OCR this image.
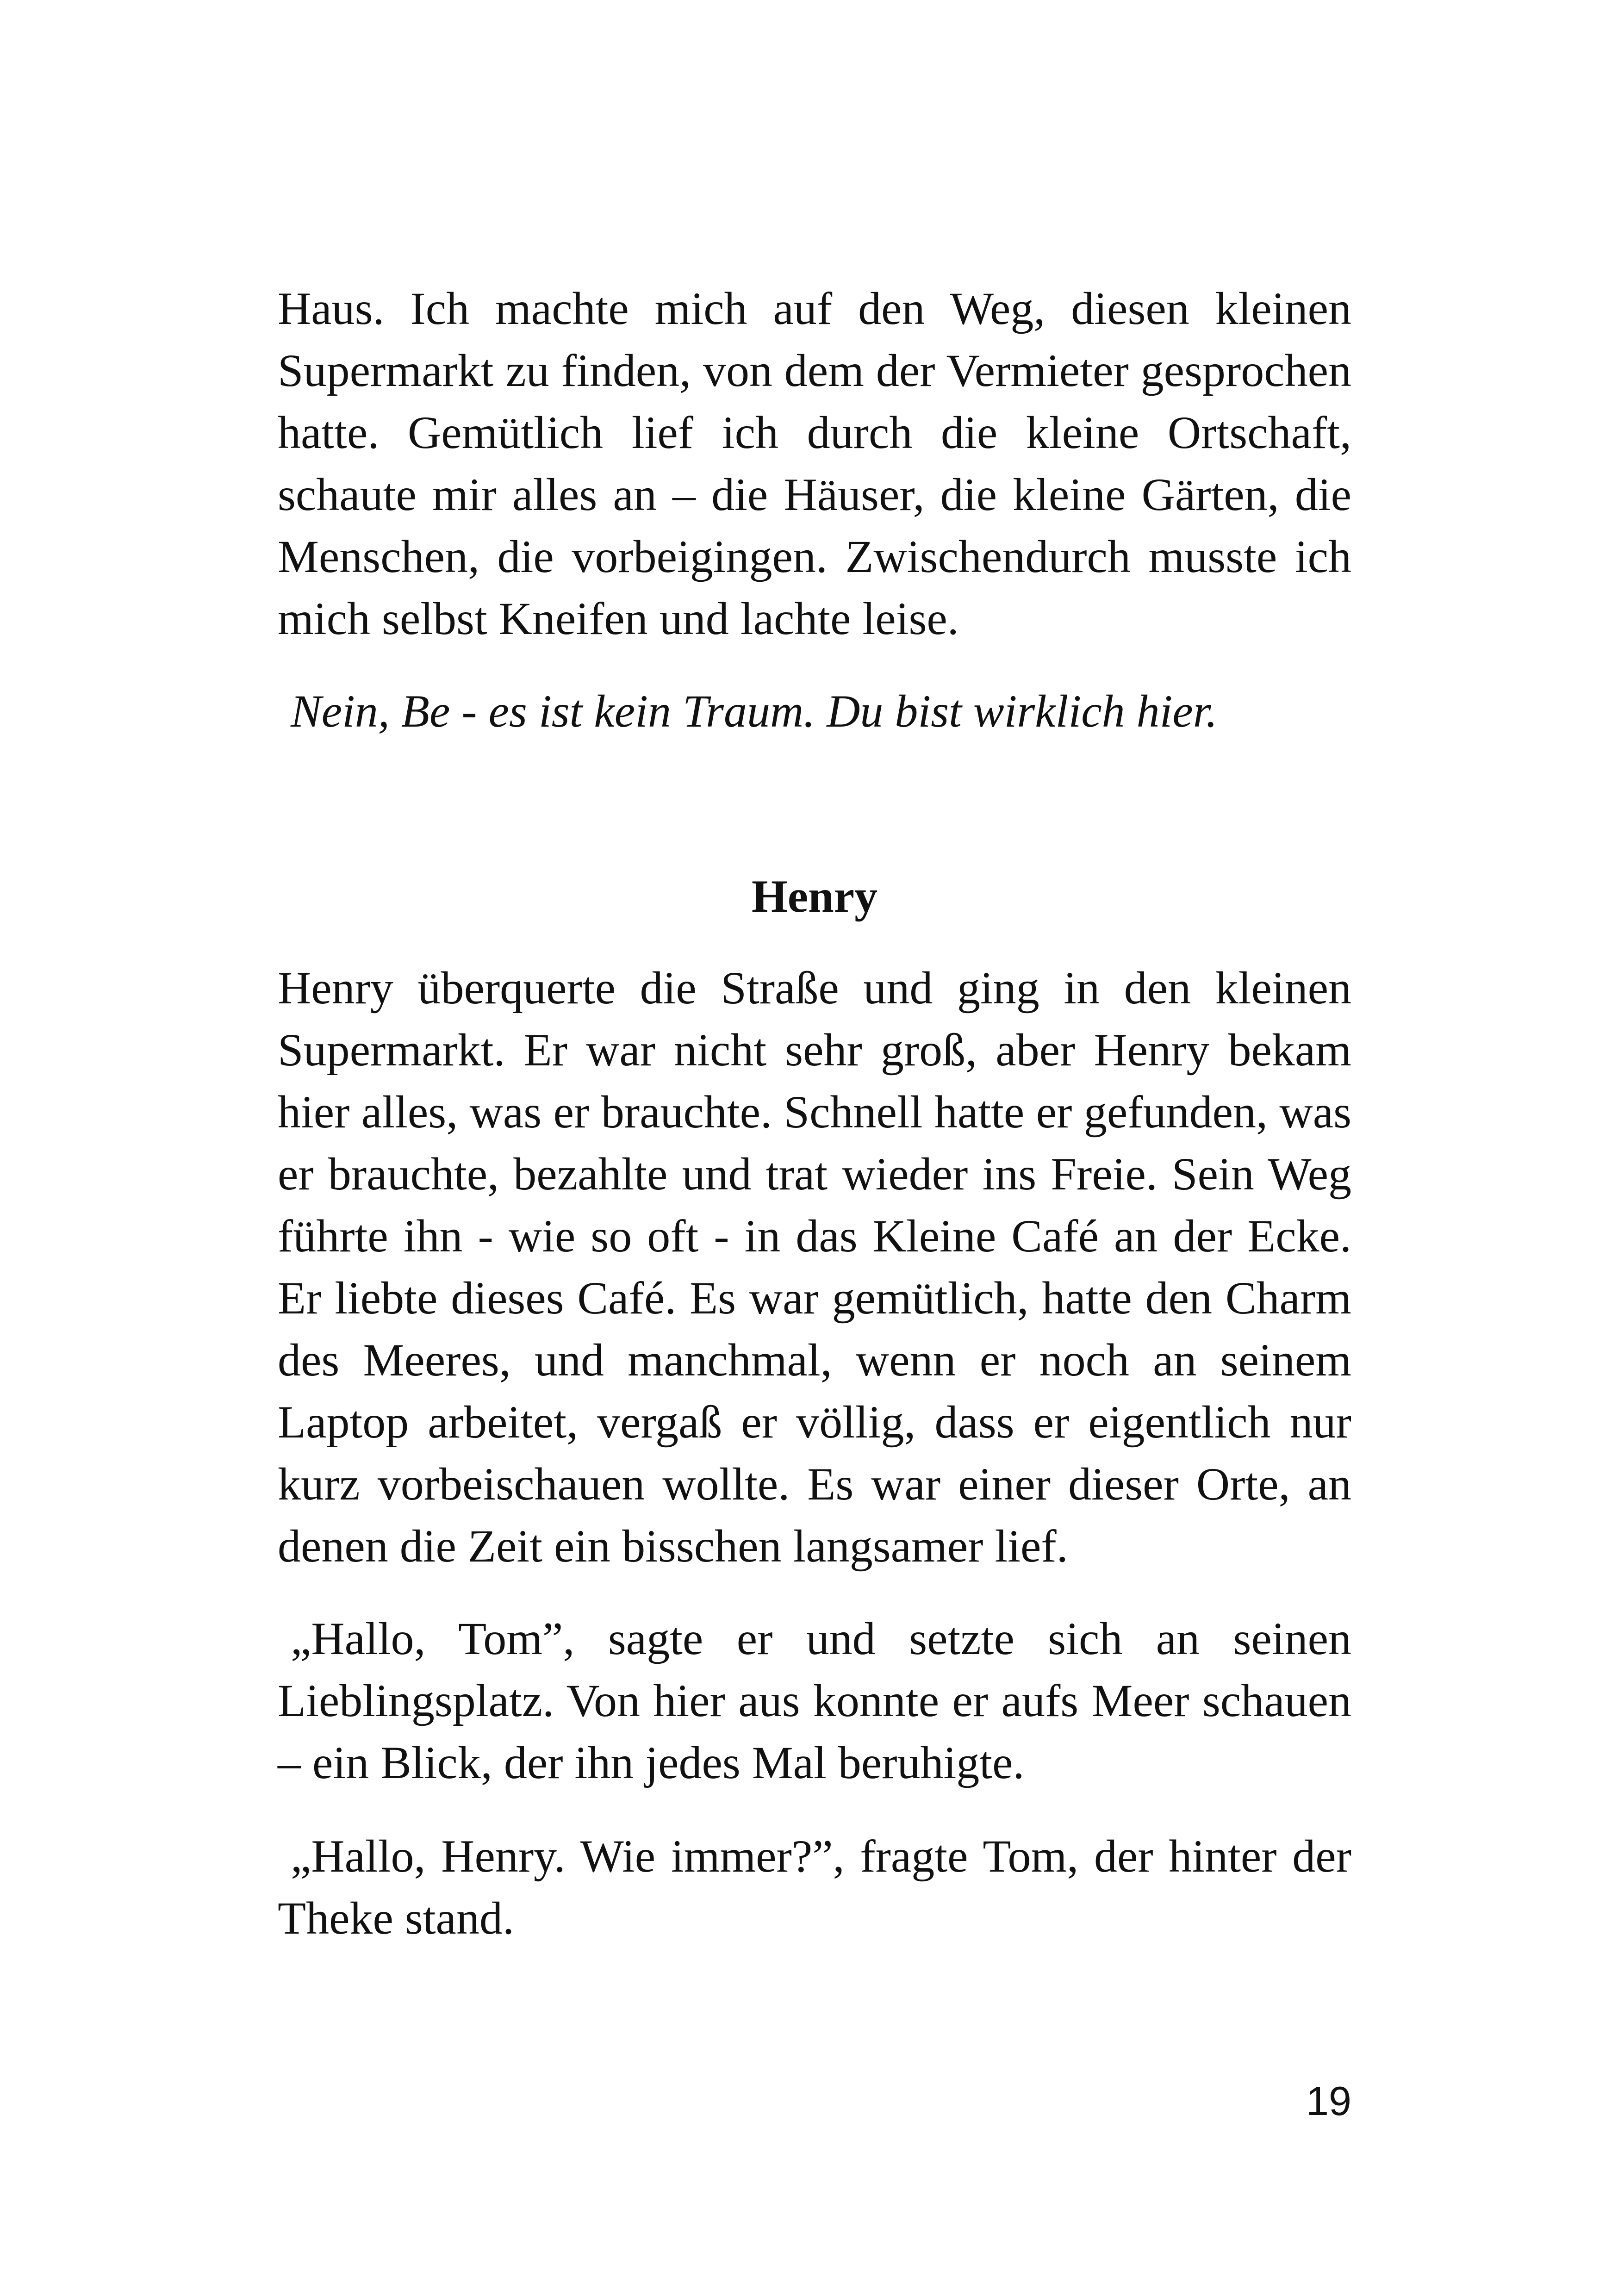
Haus. Ich machte mich auf den Weg, diesen kleinen Supermarkt zu finden, von dem der Vermieter gesprochen hatte. Gemütlich lief ich durch die kleine Ortschaft, schaute mir alles an – die Häuser, die kleine Gärten, die Menschen, die vorbeigingen. Zwischendurch musste ich mich selbst Kneifen und lachte leise.

Nein, Be - es ist kein Traum. Du bist wirklich hier.

Henry

Henry überquerte die Straße und ging in den kleinen Supermarkt. Er war nicht sehr groß, aber Henry bekam hier alles, was er brauchte. Schnell hatte er gefunden, was er brauchte, bezahlte und trat wieder ins Freie. Sein Weg führte ihn - wie so oft - in das Kleine Café an der Ecke. Er liebte dieses Café. Es war gemütlich, hatte den Charm des Meeres, und manchmal, wenn er noch an seinem Laptop arbeitet, vergaß er völlig, dass er eigentlich nur kurz vorbeischauen wollte. Es war einer dieser Orte, an denen die Zeit ein bisschen langsamer lief.

„Hallo, Tom”, sagte er und setzte sich an seinen Lieblingsplatz. Von hier aus konnte er aufs Meer schauen – ein Blick, der ihn jedes Mal beruhigte.

„Hallo, Henry. Wie immer?”, fragte Tom, der hinter der Theke stand.

19
